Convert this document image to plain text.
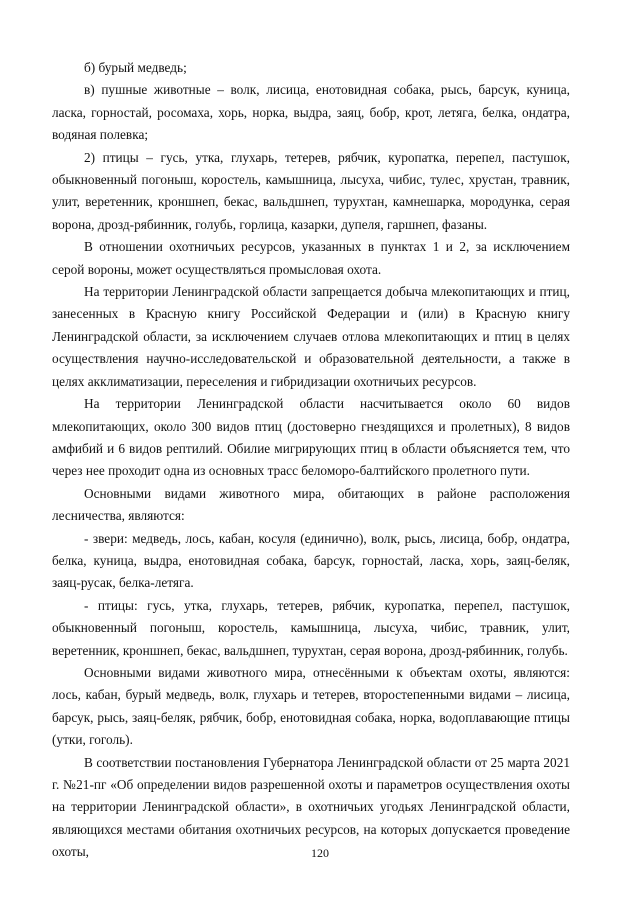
б) бурый медведь;

в) пушные животные – волк, лисица, енотовидная собака, рысь, барсук, куница, ласка, горностай, росомаха, хорь, норка, выдра, заяц, бобр, крот, летяга, белка, ондатра, водяная полевка;

2) птицы – гусь, утка, глухарь, тетерев, рябчик, куропатка, перепел, пастушок, обыкновенный погоныш, коростель, камышница, лысуха, чибис, тулес, хрустан, травник, улит, веретенник, кроншнеп, бекас, вальдшнеп, турухтан, камнешарка, мородунка, серая ворона, дрозд-рябинник, голубь, горлица, казарки, дупеля, гаршнеп, фазаны.

В отношении охотничьих ресурсов, указанных в пунктах 1 и 2, за исключением серой вороны, может осуществляться промысловая охота.

На территории Ленинградской области запрещается добыча млекопитающих и птиц, занесенных в Красную книгу Российской Федерации и (или) в Красную книгу Ленинградской области, за исключением случаев отлова млекопитающих и птиц в целях осуществления научно-исследовательской и образовательной деятельности, а также в целях акклиматизации, переселения и гибридизации охотничьих ресурсов.

На территории Ленинградской области насчитывается около 60 видов млекопитающих, около 300 видов птиц (достоверно гнездящихся и пролетных), 8 видов амфибий и 6 видов рептилий. Обилие мигрирующих птиц в области объясняется тем, что через нее проходит одна из основных трасс беломоро-балтийского пролетного пути.

Основными видами животного мира, обитающих в районе расположения лесничества, являются:

- звери: медведь, лось, кабан, косуля (единично), волк, рысь, лисица, бобр, ондатра, белка, куница, выдра, енотовидная собака, барсук, горностай, ласка, хорь, заяц-беляк, заяц-русак, белка-летяга.

- птицы: гусь, утка, глухарь, тетерев, рябчик, куропатка, перепел, пастушок, обыкновенный погоныш, коростель, камышница, лысуха, чибис, травник, улит, веретенник, кроншнеп, бекас, вальдшнеп, турухтан, серая ворона, дрозд-рябинник, голубь.

Основными видами животного мира, отнесёнными к объектам охоты, являются: лось, кабан, бурый медведь, волк, глухарь и тетерев, второстепенными видами – лисица, барсук, рысь, заяц-беляк, рябчик, бобр, енотовидная собака, норка, водоплавающие птицы (утки, гоголь).

В соответствии постановления Губернатора Ленинградской области от 25 марта 2021 г. №21-пг «Об определении видов разрешенной охоты и параметров осуществления охоты на территории Ленинградской области», в охотничьих угодьях Ленинградской области, являющихся местами обитания охотничьих ресурсов, на которых допускается проведение охоты,	120
